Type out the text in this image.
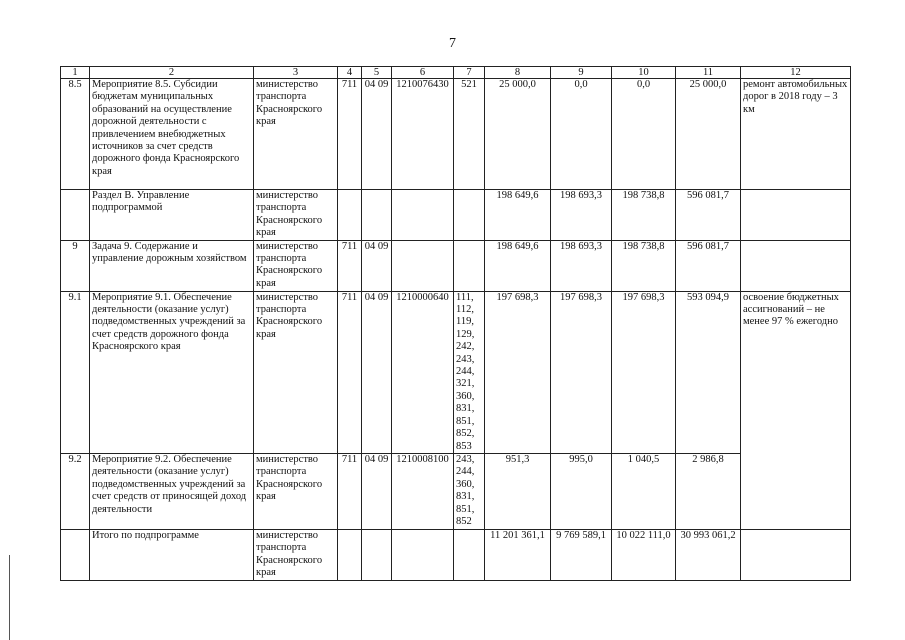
7
1	2	3	4	5	6	7	8	9	10	11	12
8.5	Мероприятие 8.5. Субсидии бюджетам муниципальных образований на осуществление дорожной деятельности с привлечением внебюджетных источников за счет средств дорожного фонда Красноярского края	министерство транспорта Красноярского края	711	04 09	1210076430	521	25 000,0	0,0	0,0	25 000,0	ремонт автомобильных дорог в 2018 году – 3 км
	Раздел В. Управление подпрограммой	министерство транспорта Красноярского края					198 649,6	198 693,3	198 738,8	596 081,7	
9	Задача 9. Содержание и управление дорожным хозяйством	министерство транспорта Красноярского края	711	04 09			198 649,6	198 693,3	198 738,8	596 081,7	
9.1	Мероприятие 9.1. Обеспечение деятельности (оказание услуг) подведомственных учреждений за счет средств дорожного фонда Красноярского края	министерство транспорта Красноярского края	711	04 09	1210000640	111, 112, 119, 129, 242, 243, 244, 321, 360, 831, 851, 852, 853	197 698,3	197 698,3	197 698,3	593 094,9	освоение бюджетных ассигнований – не менее 97 % ежегодно
9.2	Мероприятие 9.2. Обеспечение деятельности (оказание услуг) подведомственных учреждений за счет средств от приносящей доход деятельности	министерство транспорта Красноярского края	711	04 09	1210008100	243, 244, 360, 831, 851, 852	951,3	995,0	1 040,5	2 986,8	
	Итого по подпрограмме	министерство транспорта Красноярского края					11 201 361,1	9 769 589,1	10 022 111,0	30 993 061,2	
